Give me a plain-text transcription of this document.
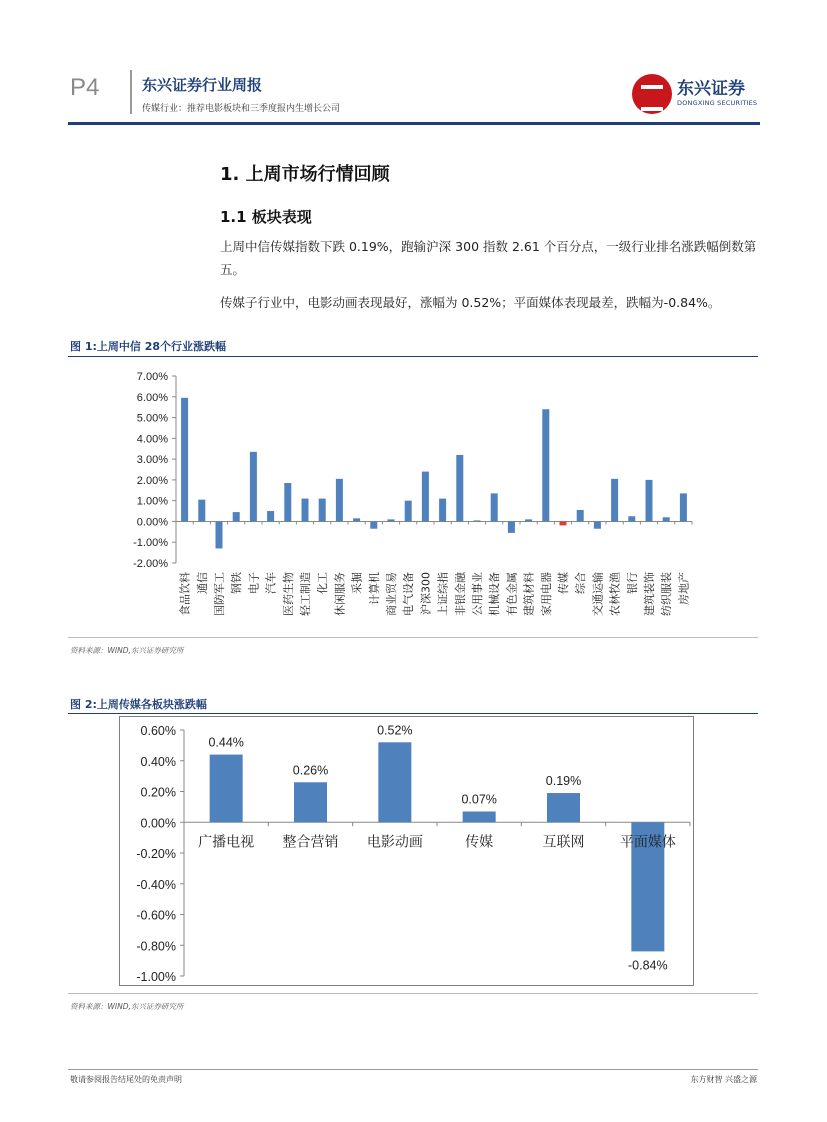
P4	东兴证券行业周报
传媒行业：推荐电影板块和三季度报内生增长公司
东兴证券
DONGXING SECURITIES
1. 上周市场行情回顾
1.1 板块表现
上周中信传媒指数下跌 0.19%，跑输沪深 300 指数 2.61 个百分点，一级行业排名涨跌幅倒数第五。
传媒子行业中，电影动画表现最好，涨幅为 0.52%；平面媒体表现最差，跌幅为-0.84%。
图 1:上周中信 28个行业涨跌幅
7.00%
6.00%
5.00%
4.00%
3.00%
2.00%
1.00%
0.00%
-1.00%
-2.00%
食品饮料 通信 国防军工 钢铁 电子 汽车 医药生物 轻工制造 化工 休闲服务 采掘 计算机 商业贸易 电气设备 沪深300 上证综指 非银金融 公用事业 机械设备 有色金属 建筑材料 家用电器 传媒 综合 交通运输 农林牧渔 银行 建筑装饰 纺织服装 房地产
资料来源：WIND,东兴证券研究所
图 2:上周传媒各板块涨跌幅
0.60%
0.40%
0.20%
0.00%
-0.20%
-0.40%
-0.60%
-0.80%
-1.00%
广播电视
0.44%
整合营销
0.26%
电影动画
0.52%
传媒
0.07%
互联网
0.19%
平面媒体
-0.84%
资料来源：WIND,东兴证券研究所
敬请参阅报告结尾处的免责声明	东方财智 兴盛之源
